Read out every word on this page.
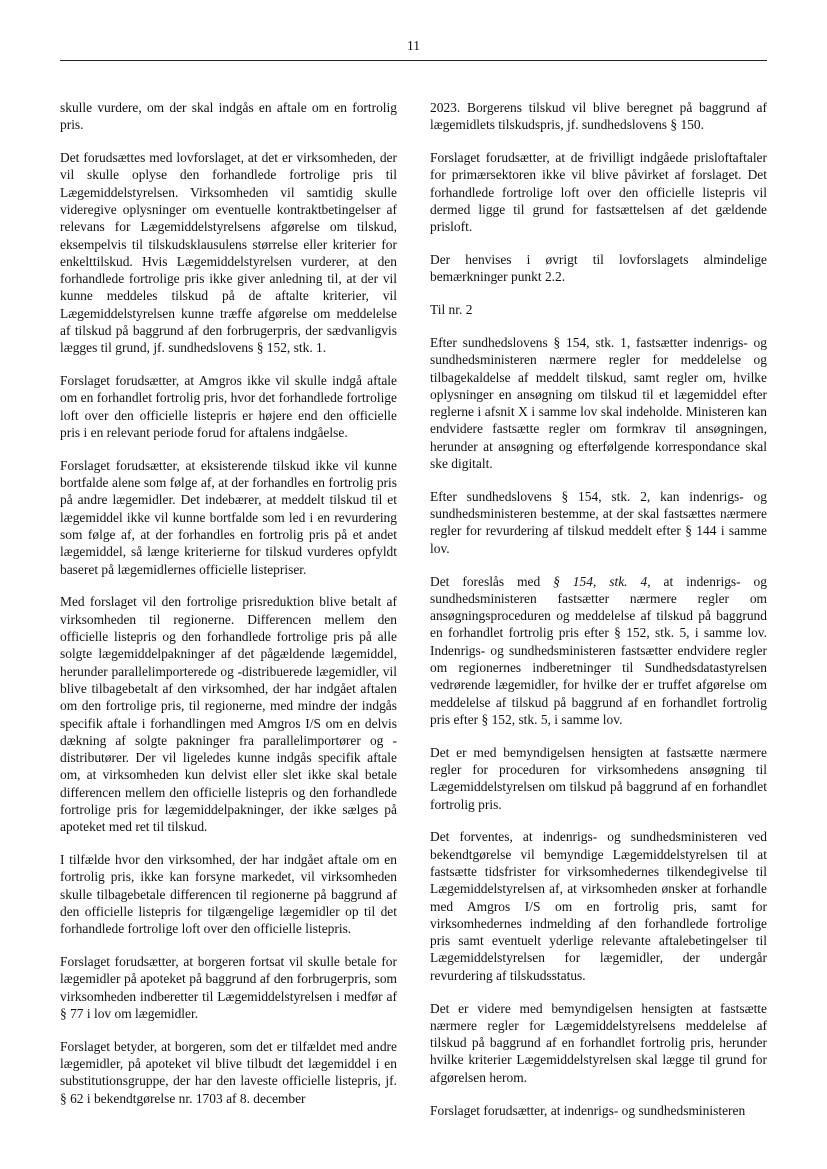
11

skulle vurdere, om der skal indgås en aftale om en fortrolig pris.

Det forudsættes med lovforslaget, at det er virksomheden, der vil skulle oplyse den forhandlede fortrolige pris til Lægemiddelstyrelsen. Virksomheden vil samtidig skulle videregive oplysninger om eventuelle kontraktbetingelser af relevans for Lægemiddelstyrelsens afgørelse om tilskud, eksempelvis til tilskudsklausulens størrelse eller kriterier for enkelttilskud. Hvis Lægemiddelstyrelsen vurderer, at den forhandlede fortrolige pris ikke giver anledning til, at der vil kunne meddeles tilskud på de aftalte kriterier, vil Lægemiddelstyrelsen kunne træffe afgørelse om meddelelse af tilskud på baggrund af den forbrugerpris, der sædvanligvis lægges til grund, jf. sundhedslovens § 152, stk. 1.

Forslaget forudsætter, at Amgros ikke vil skulle indgå aftale om en forhandlet fortrolig pris, hvor det forhandlede fortrolige loft over den officielle listepris er højere end den officielle pris i en relevant periode forud for aftalens indgåelse.

Forslaget forudsætter, at eksisterende tilskud ikke vil kunne bortfalde alene som følge af, at der forhandles en fortrolig pris på andre lægemidler. Det indebærer, at meddelt tilskud til et lægemiddel ikke vil kunne bortfalde som led i en revurdering som følge af, at der forhandles en fortrolig pris på et andet lægemiddel, så længe kriterierne for tilskud vurderes opfyldt baseret på lægemidlernes officielle listepriser.

Med forslaget vil den fortrolige prisreduktion blive betalt af virksomheden til regionerne. Differencen mellem den officielle listepris og den forhandlede fortrolige pris på alle solgte lægemiddelpakninger af det pågældende lægemiddel, herunder parallelimporterede og -distribuerede lægemidler, vil blive tilbagebetalt af den virksomhed, der har indgået aftalen om den fortrolige pris, til regionerne, med mindre der indgås specifik aftale i forhandlingen med Amgros I/S om en delvis dækning af solgte pakninger fra parallelimportører og -distributører. Der vil ligeledes kunne indgås specifik aftale om, at virksomheden kun delvist eller slet ikke skal betale differencen mellem den officielle listepris og den forhandlede fortrolige pris for lægemiddelpakninger, der ikke sælges på apoteket med ret til tilskud.

I tilfælde hvor den virksomhed, der har indgået aftale om en fortrolig pris, ikke kan forsyne markedet, vil virksomheden skulle tilbagebetale differencen til regionerne på baggrund af den officielle listepris for tilgængelige lægemidler op til det forhandlede fortrolige loft over den officielle listepris.

Forslaget forudsætter, at borgeren fortsat vil skulle betale for lægemidler på apoteket på baggrund af den forbrugerpris, som virksomheden indberetter til Lægemiddelstyrelsen i medfør af § 77 i lov om lægemidler.

Forslaget betyder, at borgeren, som det er tilfældet med andre lægemidler, på apoteket vil blive tilbudt det lægemiddel i en substitutionsgruppe, der har den laveste officielle listepris, jf. § 62 i bekendtgørelse nr. 1703 af 8. december

2023. Borgerens tilskud vil blive beregnet på baggrund af lægemidlets tilskudspris, jf. sundhedslovens § 150.

Forslaget forudsætter, at de frivilligt indgåede prisloftaftaler for primærsektoren ikke vil blive påvirket af forslaget. Det forhandlede fortrolige loft over den officielle listepris vil dermed ligge til grund for fastsættelsen af det gældende prisloft.

Der henvises i øvrigt til lovforslagets almindelige bemærkninger punkt 2.2.

Til nr. 2

Efter sundhedslovens § 154, stk. 1, fastsætter indenrigs- og sundhedsministeren nærmere regler for meddelelse og tilbagekaldelse af meddelt tilskud, samt regler om, hvilke oplysninger en ansøgning om tilskud til et lægemiddel efter reglerne i afsnit X i samme lov skal indeholde. Ministeren kan endvidere fastsætte regler om formkrav til ansøgningen, herunder at ansøgning og efterfølgende korrespondance skal ske digitalt.

Efter sundhedslovens § 154, stk. 2, kan indenrigs- og sundhedsministeren bestemme, at der skal fastsættes nærmere regler for revurdering af tilskud meddelt efter § 144 i samme lov.

Det foreslås med § 154, stk. 4, at indenrigs- og sundhedsministeren fastsætter nærmere regler om ansøgningsproceduren og meddelelse af tilskud på baggrund en forhandlet fortrolig pris efter § 152, stk. 5, i samme lov. Indenrigs- og sundhedsministeren fastsætter endvidere regler om regionernes indberetninger til Sundhedsdatastyrelsen vedrørende lægemidler, for hvilke der er truffet afgørelse om meddelelse af tilskud på baggrund af en forhandlet fortrolig pris efter § 152, stk. 5, i samme lov.

Det er med bemyndigelsen hensigten at fastsætte nærmere regler for proceduren for virksomhedens ansøgning til Lægemiddelstyrelsen om tilskud på baggrund af en forhandlet fortrolig pris.

Det forventes, at indenrigs- og sundhedsministeren ved bekendtgørelse vil bemyndige Lægemiddelstyrelsen til at fastsætte tidsfrister for virksomhedernes tilkendegivelse til Lægemiddelstyrelsen af, at virksomheden ønsker at forhandle med Amgros I/S om en fortrolig pris, samt for virksomhedernes indmelding af den forhandlede fortrolige pris samt eventuelt yderlige relevante aftalebetingelser til Lægemiddelstyrelsen for lægemidler, der undergår revurdering af tilskudsstatus.

Det er videre med bemyndigelsen hensigten at fastsætte nærmere regler for Lægemiddelstyrelsens meddelelse af tilskud på baggrund af en forhandlet fortrolig pris, herunder hvilke kriterier Lægemiddelstyrelsen skal lægge til grund for afgørelsen herom.

Forslaget forudsætter, at indenrigs- og sundhedsministeren
